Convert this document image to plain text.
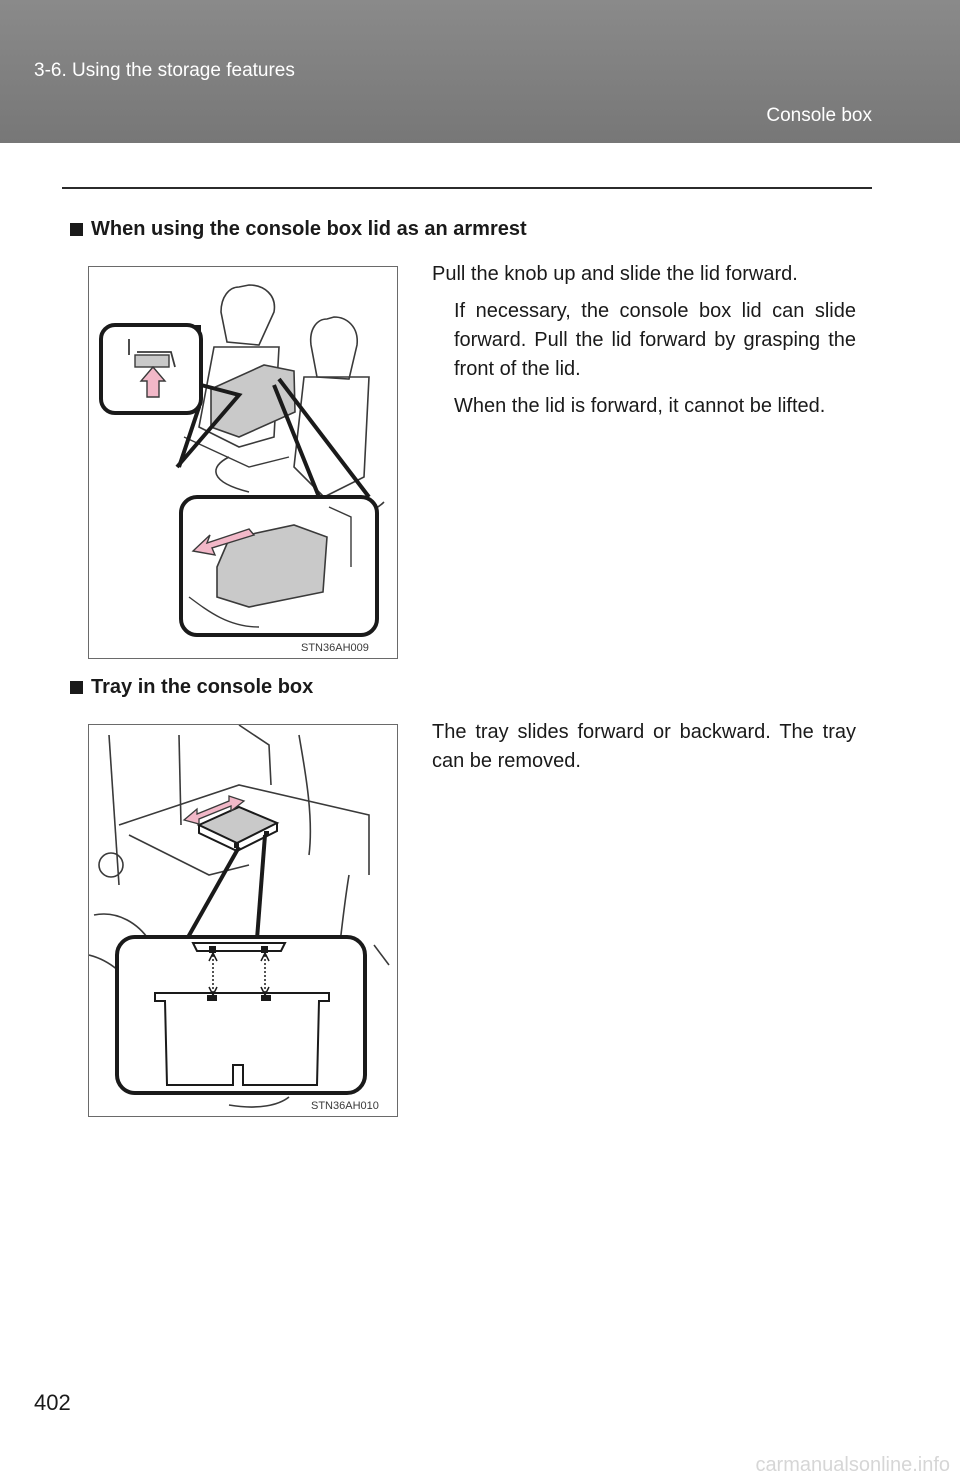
3-6. Using the storage features
Console box
When using the console box lid as an armrest
STN36AH009

Pull the knob up and slide the lid forward.

If necessary, the console box lid can slide forward. Pull the lid forward by grasping the front of the lid.

When the lid is forward, it cannot be lifted.

Tray in the console box
STN36AH010

The tray slides forward or backward. The tray can be removed.

402
carmanualsonline.info
